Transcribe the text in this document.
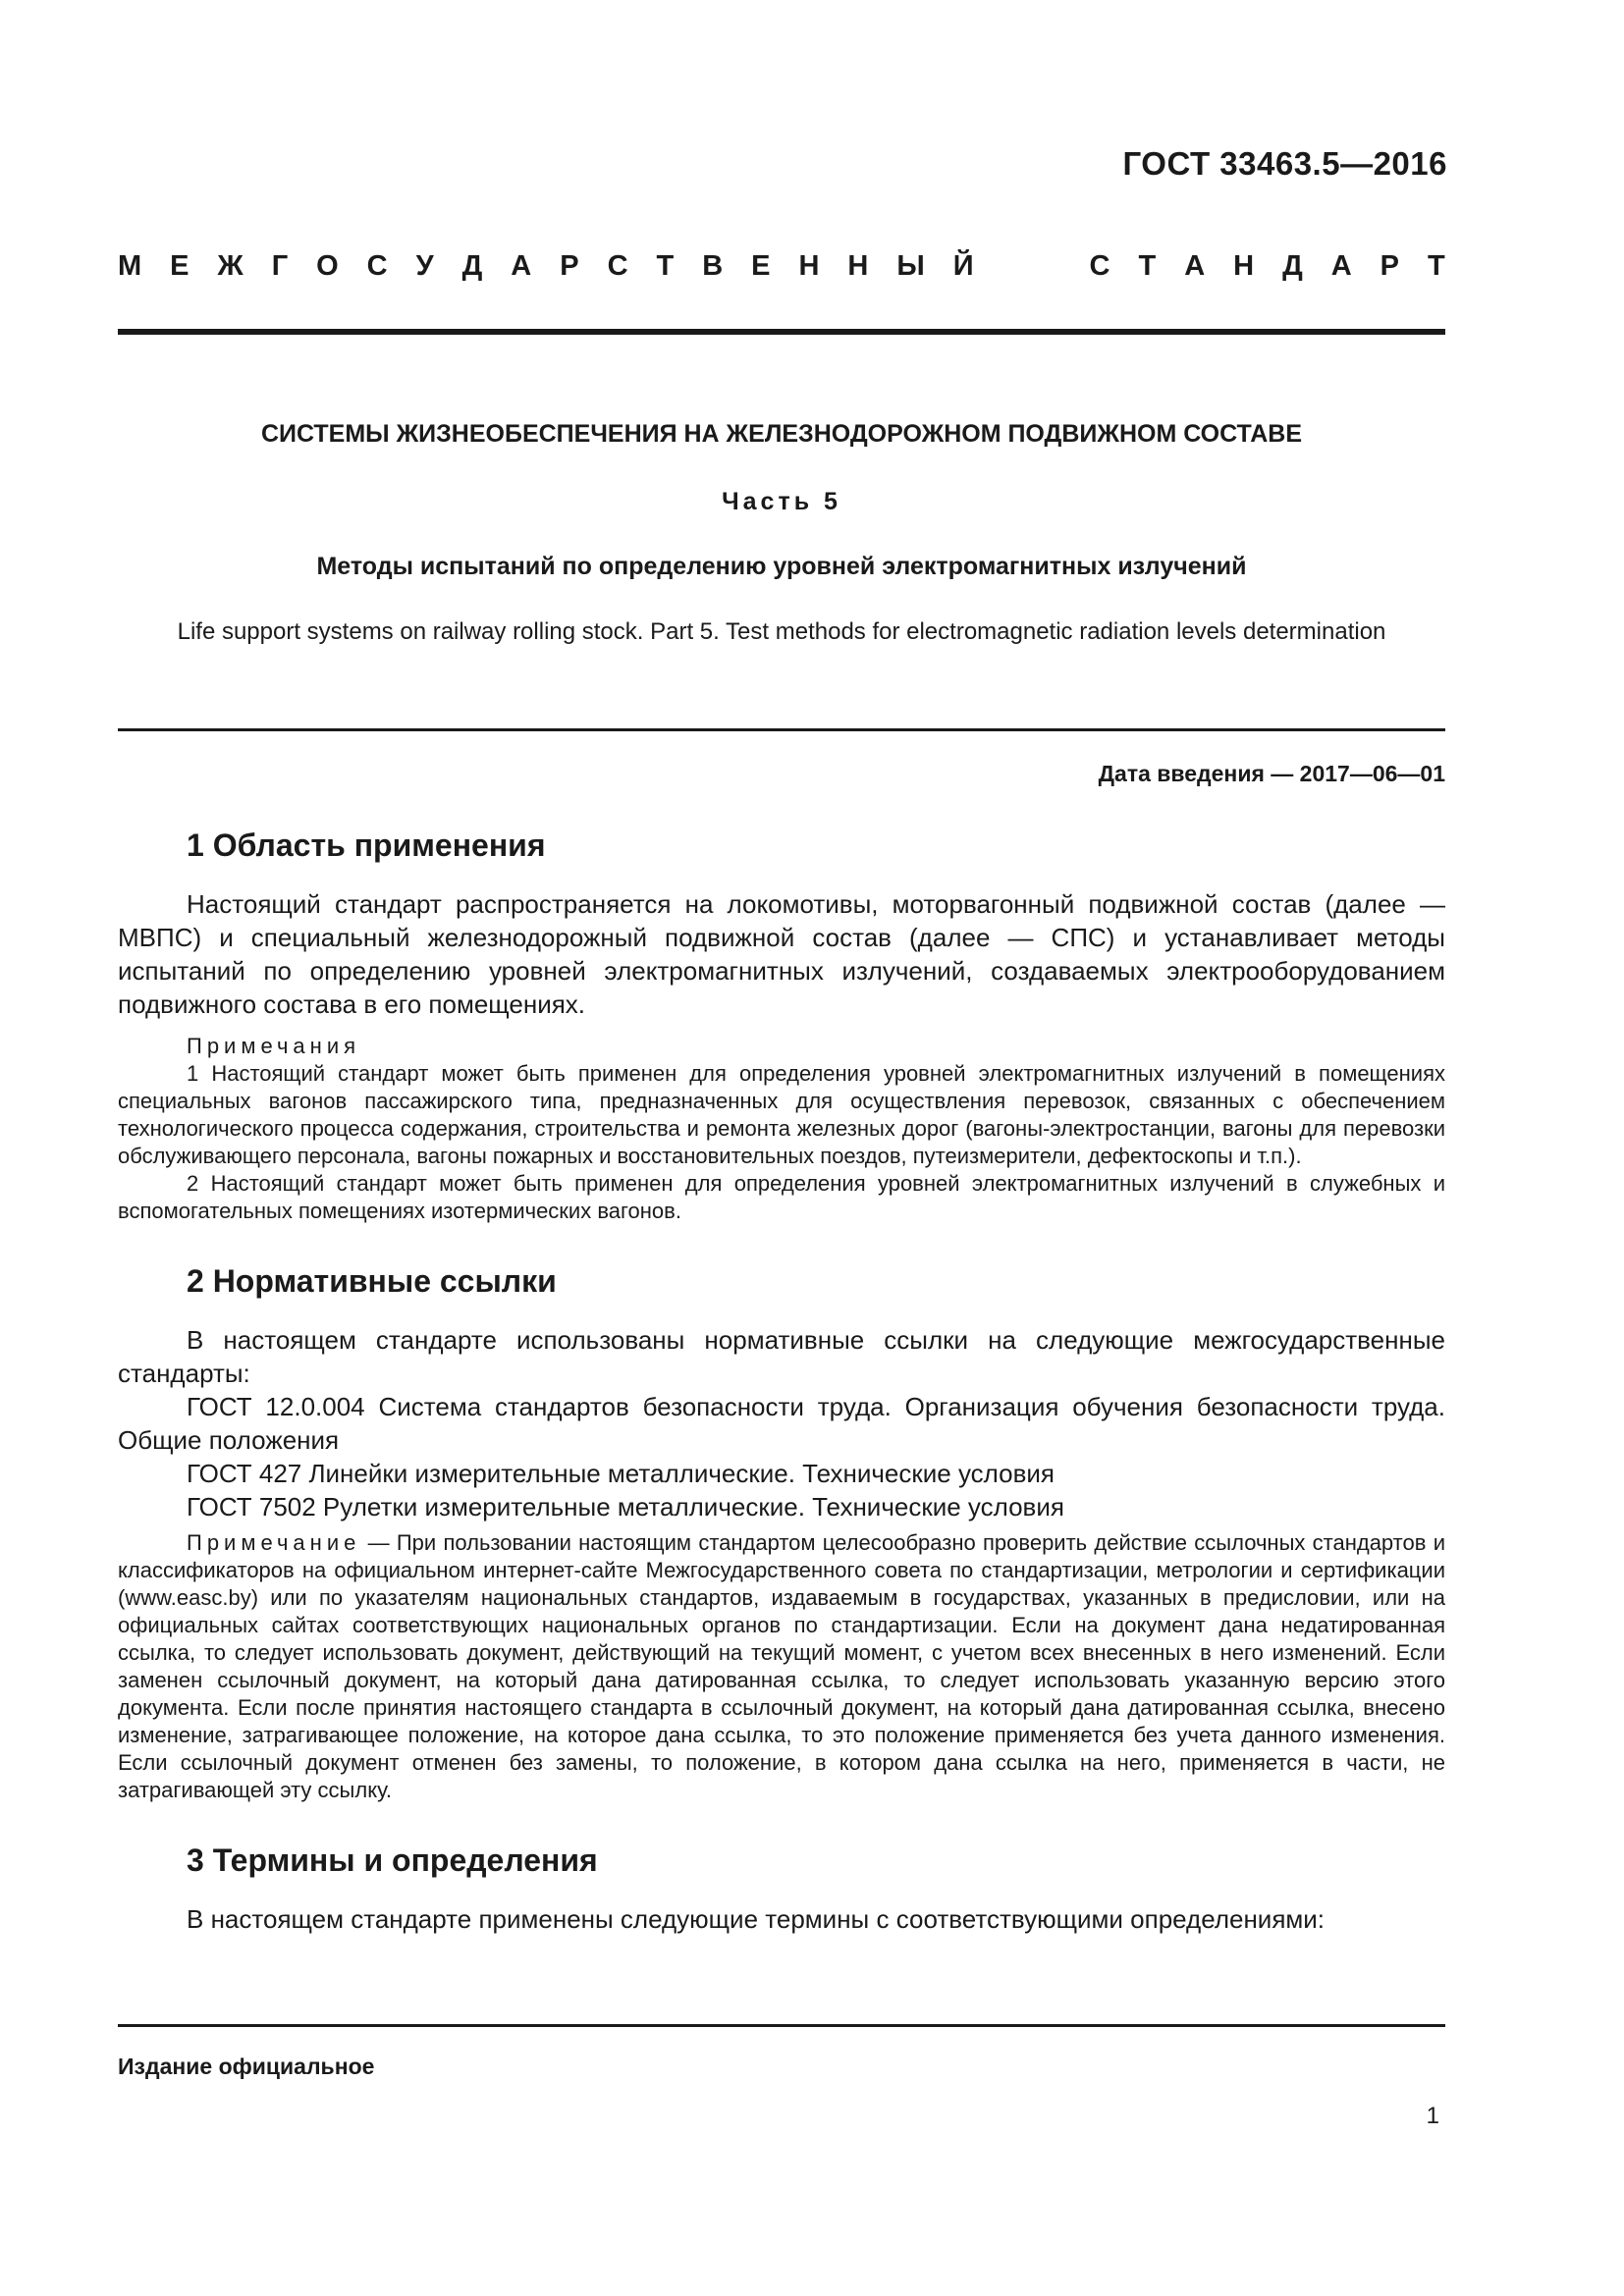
ГОСТ 33463.5—2016
М Е Ж Г О С У Д А Р С Т В Е Н Н Ы Й	С Т А Н Д А Р Т
СИСТЕМЫ ЖИЗНЕОБЕСПЕЧЕНИЯ НА ЖЕЛЕЗНОДОРОЖНОМ ПОДВИЖНОМ СОСТАВЕ
Часть 5
Методы испытаний по определению уровней электромагнитных излучений
Life support systems on railway rolling stock. Part 5. Test methods for electromagnetic radiation levels determination
Дата введения — 2017—06—01
1 Область применения

Настоящий стандарт распространяется на локомотивы, моторвагонный подвижной состав (далее — МВПС) и специальный железнодорожный подвижной состав (далее — СПС) и устанавливает методы испытаний по определению уровней электромагнитных излучений, создаваемых электрооборудованием подвижного состава в его помещениях.

Примечания

1 Настоящий стандарт может быть применен для определения уровней электромагнитных излучений в помещениях специальных вагонов пассажирского типа, предназначенных для осуществления перевозок, связанных с обеспечением технологического процесса содержания, строительства и ремонта железных дорог (вагоны-электростанции, вагоны для перевозки обслуживающего персонала, вагоны пожарных и восстановительных поездов, путеизмерители, дефектоскопы и т.п.).

2 Настоящий стандарт может быть применен для определения уровней электромагнитных излучений в служебных и вспомогательных помещениях изотермических вагонов.

2 Нормативные ссылки

В настоящем стандарте использованы нормативные ссылки на следующие межгосударственные стандарты:

ГОСТ 12.0.004 Система стандартов безопасности труда. Организация обучения безопасности труда. Общие положения

ГОСТ 427 Линейки измерительные металлические. Технические условия

ГОСТ 7502 Рулетки измерительные металлические. Технические условия

Примечание — При пользовании настоящим стандартом целесообразно проверить действие ссылочных стандартов и классификаторов на официальном интернет-сайте Межгосударственного совета по стандартизации, метрологии и сертификации (www.easc.by) или по указателям национальных стандартов, издаваемым в государствах, указанных в предисловии, или на официальных сайтах соответствующих национальных органов по стандартизации. Если на документ дана недатированная ссылка, то следует использовать документ, действующий на текущий момент, с учетом всех внесенных в него изменений. Если заменен ссылочный документ, на который дана датированная ссылка, то следует использовать указанную версию этого документа. Если после принятия настоящего стандарта в ссылочный документ, на который дана датированная ссылка, внесено изменение, затрагивающее положение, на которое дана ссылка, то это положение применяется без учета данного изменения. Если ссылочный документ отменен без замены, то положение, в котором дана ссылка на него, применяется в части, не затрагивающей эту ссылку.

3 Термины и определения

В настоящем стандарте применены следующие термины с соответствующими определениями:

Издание официальное
1
